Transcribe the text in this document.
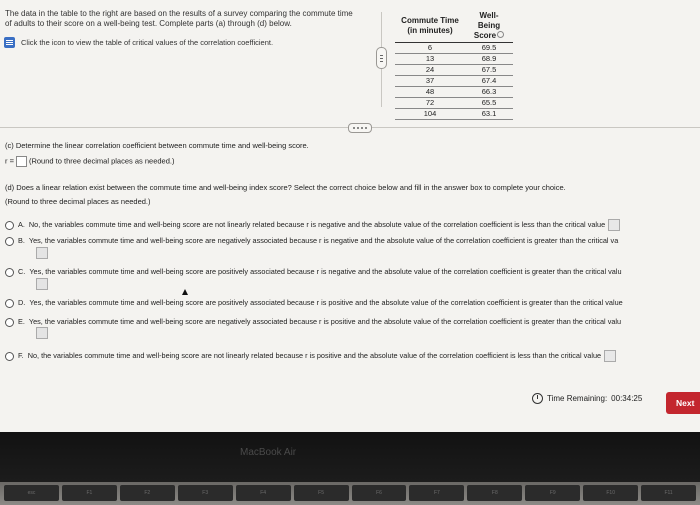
The data in the table to the right are based on the results of a survey comparing the commute time of adults to their score on a well-being test. Complete parts (a) through (d) below.
Click the icon to view the table of critical values of the correlation coefficient.
Commute Time (in minutes)	Well-Being Score
6	69.5
13	68.9
24	67.5
37	67.4
48	66.3
72	65.5
104	63.1
(c) Determine the linear correlation coefficient between commute time and well-being score.
r = (Round to three decimal places as needed.)
(d) Does a linear relation exist between the commute time and well-being index score? Select the correct choice below and fill in the answer box to complete your choice.
(Round to three decimal places as needed.)
A. No, the variables commute time and well-being score are not linearly related because r is negative and the absolute value of the correlation coefficient is less than the critical value
B. Yes, the variables commute time and well-being score are negatively associated because r is negative and the absolute value of the correlation coefficient is greater than the critical va
C. Yes, the variables commute time and well-being score are positively associated because r is negative and the absolute value of the correlation coefficient is greater than the critical valu
D. Yes, the variables commute time and well-being score are positively associated because r is positive and the absolute value of the correlation coefficient is greater than the critical value
E. Yes, the variables commute time and well-being score are negatively associated because r is positive and the absolute value of the correlation coefficient is greater than the critical valu
F. No, the variables commute time and well-being score are not linearly related because r is positive and the absolute value of the correlation coefficient is less than the critical value
Time Remaining: 00:34:25	Next
MacBook Air
esc	F1	F2	F3	F4	F5	F6	F7	F8	F9	F10	F11
